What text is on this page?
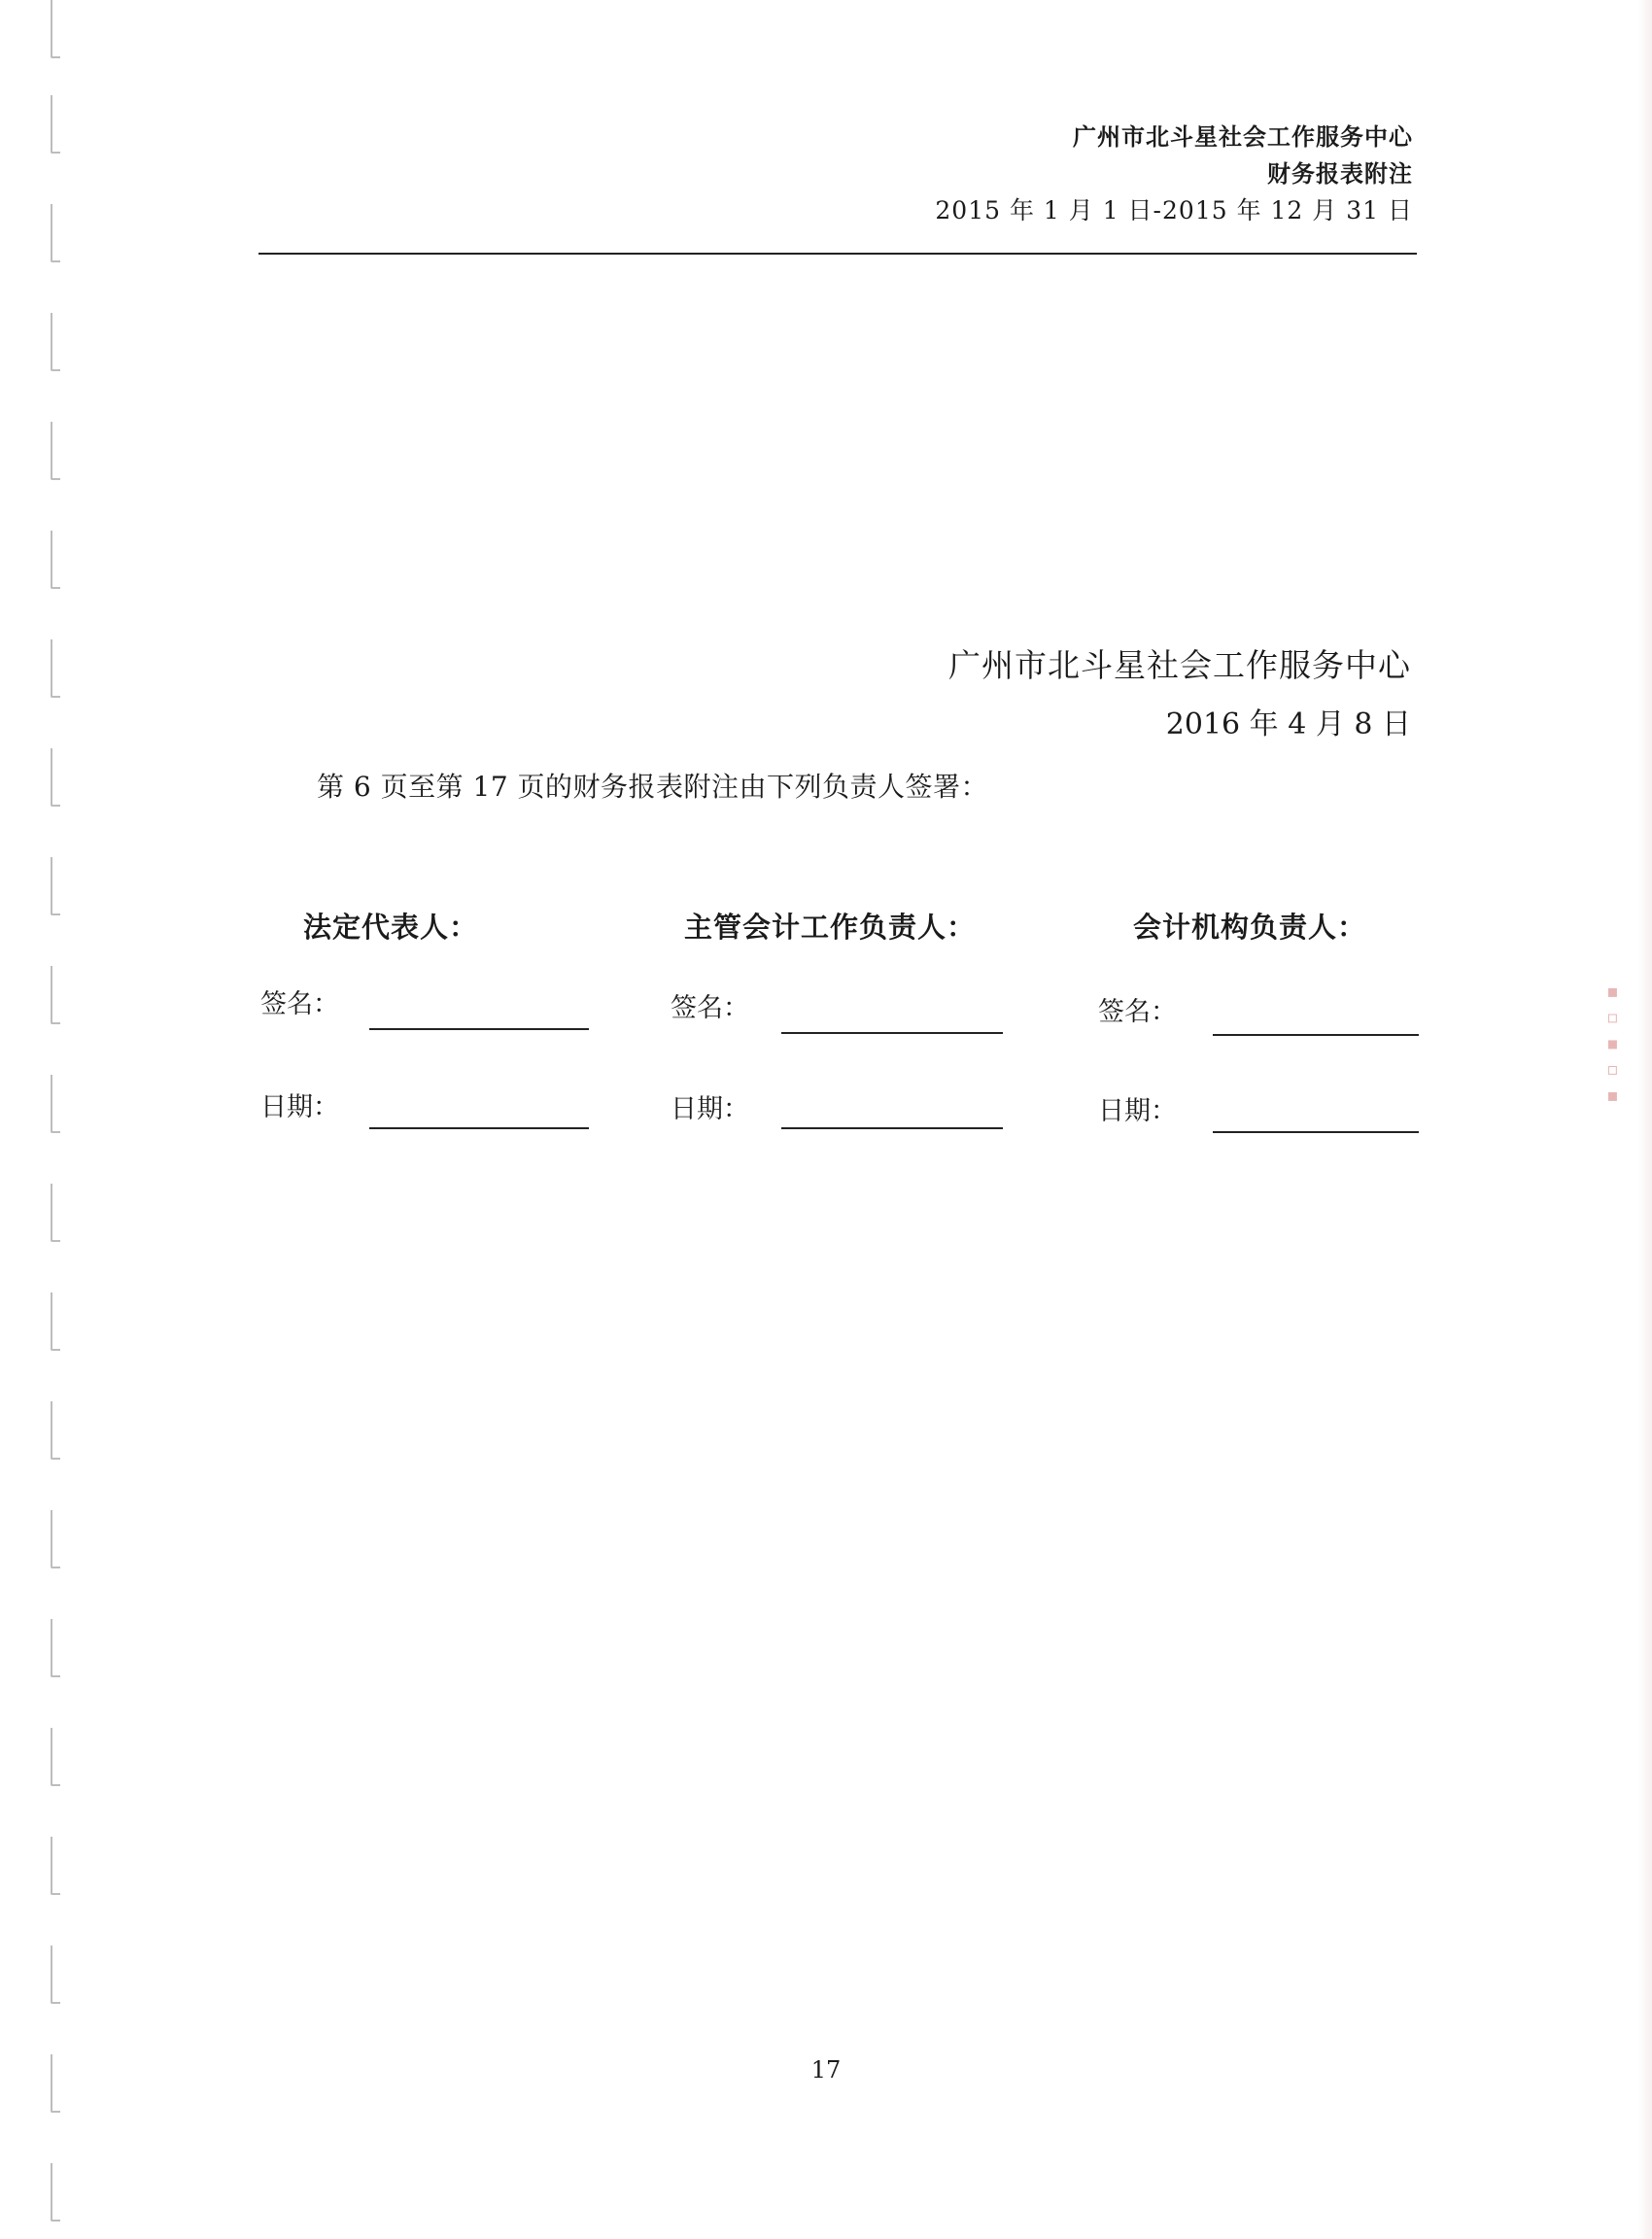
▪ ▫ ▪ ▫ ▪
广州市北斗星社会工作服务中心
财务报表附注
2015 年 1 月 1 日-2015 年 12 月 31 日
广州市北斗星社会工作服务中心
2016 年 4 月 8 日
第 6 页至第 17 页的财务报表附注由下列负责人签署：
法定代表人：	主管会计工作负责人：	会计机构负责人：
签名：
日期：
签名：
日期：
签名：
日期：
17
